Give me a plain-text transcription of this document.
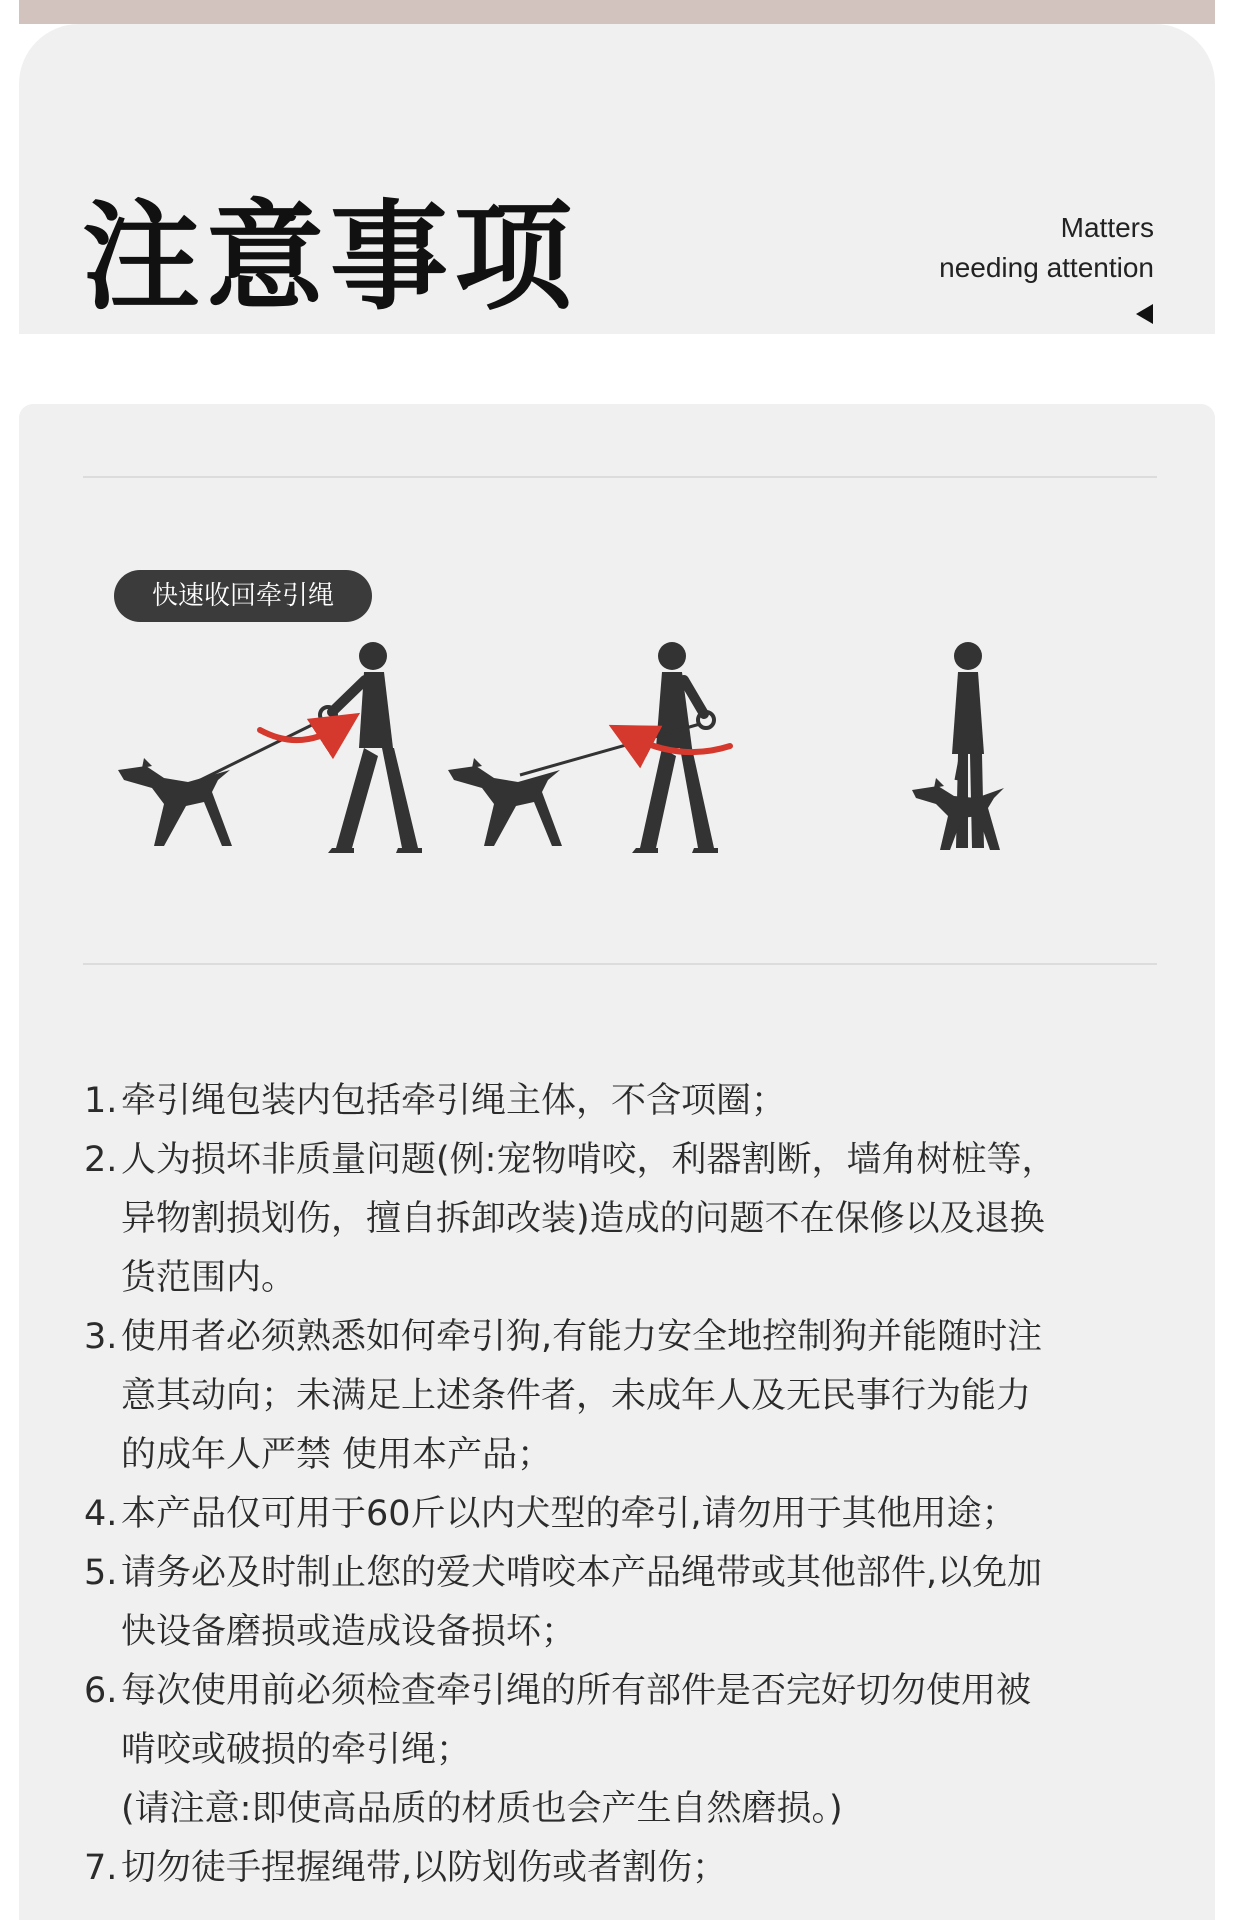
注意事项	Matters
needing attention
快速收回牵引绳
1. 牵引绳包装内包括牵引绳主体，不含项圈；
2. 人为损坏非质量问题(例:宠物啃咬，利器割断，墙角树桩等，
异物割损划伤，擅自拆卸改装)造成的问题不在保修以及退换
货范围内。
3. 使用者必须熟悉如何牵引狗,有能力安全地控制狗并能随时注
意其动向；未满足上述条件者，未成年人及无民事行为能力
的成年人严禁 使用本产品；
4. 本产品仅可用于60斤以内犬型的牵引,请勿用于其他用途；
5. 请务必及时制止您的爱犬啃咬本产品绳带或其他部件,以免加
快设备磨损或造成设备损坏；
6. 每次使用前必须检查牵引绳的所有部件是否完好切勿使用被
啃咬或破损的牵引绳；
(请注意:即使高品质的材质也会产生自然磨损。)
7. 切勿徒手捏握绳带,以防划伤或者割伤；
